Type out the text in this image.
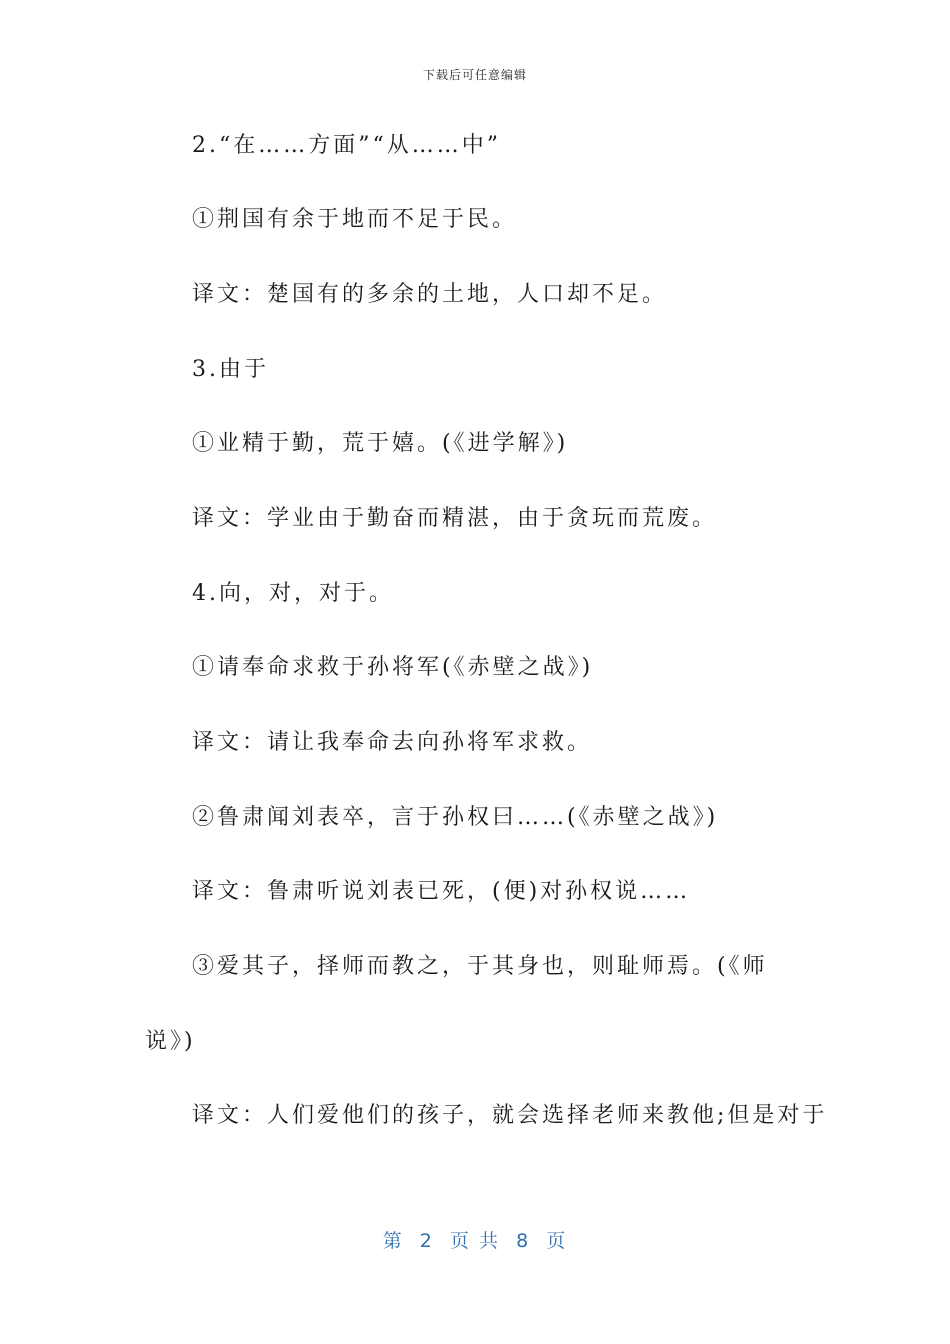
下载后可任意编辑
2.“在……方面”“从……中”
①荆国有余于地而不足于民。
译文：楚国有的多余的土地，人口却不足。
3.由于
①业精于勤，荒于嬉。(《进学解》)
译文：学业由于勤奋而精湛，由于贪玩而荒废。
4.向，对，对于。
①请奉命求救于孙将军(《赤壁之战》)
译文：请让我奉命去向孙将军求救。
②鲁肃闻刘表卒，言于孙权曰……(《赤壁之战》)
译文：鲁肃听说刘表已死，(便)对孙权说……
③爱其子，择师而教之，于其身也，则耻师焉。(《师
说》)
译文：人们爱他们的孩子，就会选择老师来教他;但是对于
第  2  页 共  8  页
